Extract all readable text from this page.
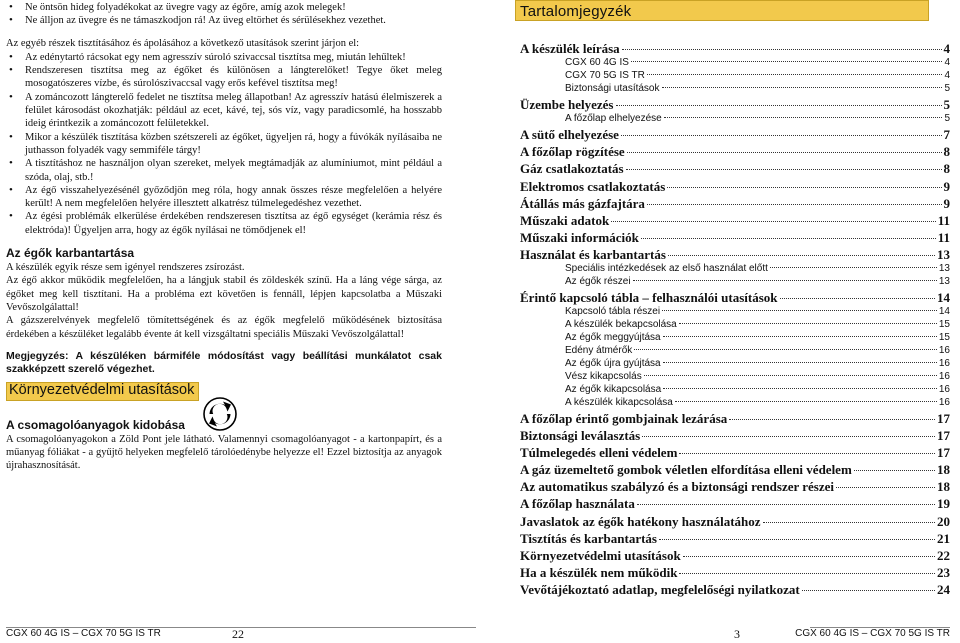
• Ne öntsön hideg folyadékokat az üvegre vagy az égőre, amíg azok melegek!
• Ne álljon az üvegre és ne támaszkodjon rá! Az üveg eltörhet és sérülésekhez vezethet.

Az egyéb részek tisztításához és ápolásához a következő utasítások szerint járjon el:

• Az edénytartó rácsokat egy nem agresszív súroló szivaccsal tisztítsa meg, miután lehűltek!
• Rendszeresen tisztítsa meg az égőket és különösen a lángterelőket! Tegye őket meleg mosogatószeres vízbe, és súrolószivaccsal vagy erős kefével tisztítsa meg!
• A zománcozott lángterelő fedelet ne tisztítsa meleg állapotban! Az agresszív hatású élelmiszerek a felület károsodást okozhatják: például az ecet, kávé, tej, sós víz, vagy paradicsomlé, ha hosszabb ideig érintkezik a zománcozott felületekkel.
• Mikor a készülék tisztítása közben szétszereli az égőket, ügyeljen rá, hogy a fúvókák nyílásaiba ne juthasson folyadék vagy semmiféle tárgy!
• A tisztításhoz ne használjon olyan szereket, melyek megtámadják az alumíniumot, mint például a szóda, olaj, stb.!
• Az égő visszahelyezésénél győződjön meg róla, hogy annak összes része megfelelően a helyére került! A nem megfelelően helyére illesztett alkatrész túlmelegedéshez vezethet.
• Az égési problémák elkerülése érdekében rendszeresen tisztítsa az égő egységet (kerámia rész és elektróda)! Ügyeljen arra, hogy az égők nyílásai ne tömődjenek el!
Az égők karbantartása

A készülék egyik része sem igényel rendszeres zsírozást.

Az égő akkor működik megfelelően, ha a lángjuk stabil és zöldeskék színű. Ha a láng vége sárga, az égőket meg kell tisztítani. Ha a probléma ezt követően is fennáll, lépjen kapcsolatba a Műszaki Vevőszolgálattal!

A gázszerelvények megfelelő tömítettségének és az égők megfelelő működésének biztosítása érdekében a készüléket legalább évente át kell vizsgáltatni speciális Műszaki Vevőszolgálattal!

Megjegyzés: A készüléken bármiféle módosítást vagy beállítási munkálatot csak szakképzett szerelő végezhet.

Környezetvédelmi utasítások
A csomagolóanyagok kidobása

A csomagolóanyagokon a Zöld Pont jele látható. Valamennyi csomagolóanyagot - a kartonpapírt, és a műanyag fóliákat - a gyűjtő helyeken megfelelő tárolóedénybe helyezze el! Ezzel biztosítja az anyagok újrahasznosítását.

CGX 60 4G IS – CGX 70 5G IS TR	22
Tartalomjegyzék
A készülék leírása	4
CGX 60 4G IS	4
CGX 70 5G IS TR	4
Biztonsági utasítások	5
Üzembe helyezés	5
A főzőlap elhelyezése	5
A sütő elhelyezése	7
A főzőlap rögzítése	8
Gáz csatlakoztatás	8
Elektromos csatlakoztatás	9
Átállás más gázfajtára	9
Műszaki adatok	11
Műszaki információk	11
Használat és karbantartás	13
Speciális intézkedések az első használat előtt	13
Az égők részei	13
Érintő kapcsoló tábla – felhasználói utasítások	14
Kapcsoló tábla részei	14
A készülék bekapcsolása	15
Az égők meggyújtása	15
Edény átmérők	16
Az égők újra gyújtása	16
Vész kikapcsolás	16
Az égők kikapcsolása	16
A készülék kikapcsolása	16
A főzőlap érintő gombjainak lezárása	17
Biztonsági leválasztás	17
Túlmelegedés elleni védelem	17
A gáz üzemeltető gombok véletlen elfordítása elleni védelem	18
Az automatikus szabályzó és a biztonsági rendszer részei	18
A főzőlap használata	19
Javaslatok az égők hatékony használatához	20
Tisztítás és karbantartás	21
Környezetvédelmi utasítások	22
Ha a készülék nem működik	23
Vevőtájékoztató adatlap, megfelelőségi nyilatkozat	24
3	CGX 60 4G IS – CGX 70 5G IS TR
